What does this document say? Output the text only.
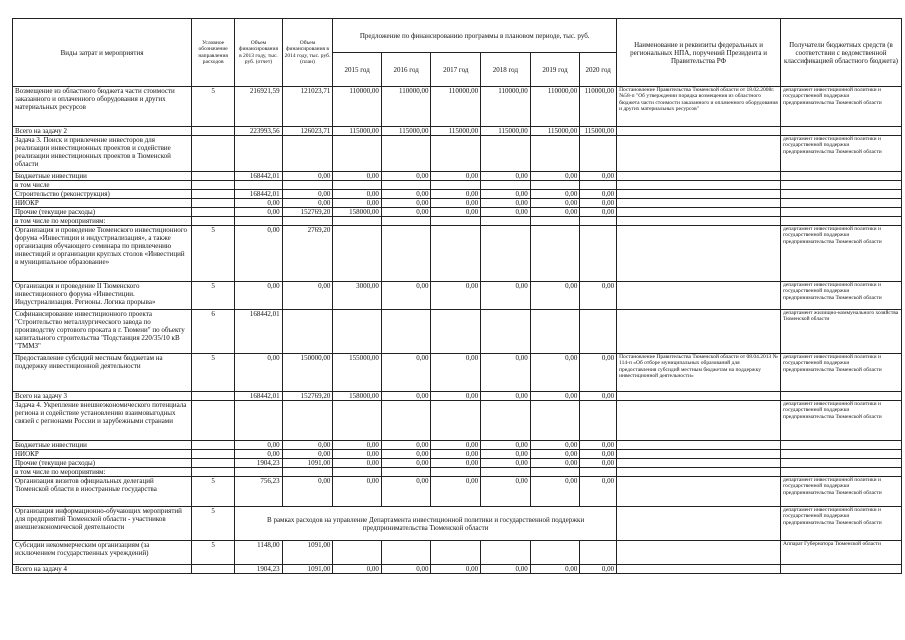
Виды затрат и мероприятия	Условное обозначение направления расходов	Объем финансирования в 2013 году, тыс. руб. (отчет)	Объем финансирования в 2014 году, тыс. руб. (план)	Предложение по финансированию программы в плановом периоде, тыс. руб.						Наименование и реквизиты федеральных и региональных НПА, поручений Президента и Правительства РФ	Получатели бюджетных средств (в соответствии с ведомственной классификацией областного бюджета)
				2015 год	2016 год	2017 год	2018 год	2019 год	2020 год		
Возмещение из областного бюджета части стоимости заказанного и оплаченного оборудования и других материальных ресурсов	5	216921,59	121023,71	110000,00	110000,00	110000,00	110000,00	110000,00	110000,00	Постановление Правительства Тюменской области от 18.02.2008г. №58-п "Об утверждении порядка возмещения из областного бюджета части стоимости заказанного и оплаченного оборудования и других материальных ресурсов"	департамент инвестиционной политики и государственной поддержки предпринимательства Тюменской области
Всего на задачу 2		223993,56	126023,71	115000,00	115000,00	115000,00	115000,00	115000,00	115000,00		
Задача 3. Поиск и привлечение инвесторов для реализации инвестиционных проектов и содействие реализации инвестиционных проектов в Тюменской области											департамент инвестиционной политики и государственной поддержки предпринимательства Тюменской области
Бюджетные инвестиции		168442,01	0,00	0,00	0,00	0,00	0,00	0,00	0,00		
в том числе											
Строительство (реконструкция)		168442,01	0,00	0,00	0,00	0,00	0,00	0,00	0,00		
НИОКР		0,00	0,00	0,00	0,00	0,00	0,00	0,00	0,00		
Прочие (текущие расходы)		0,00	152769,20	158000,00	0,00	0,00	0,00	0,00	0,00		
в том числе по мероприятиям:											
Организация и проведение Тюменского инвестиционного форума «Инвестиции и индустриализация», а также организация обучающего семинара по привлечению инвестиций и организации круглых столов «Инвестиций в муниципальное образование»	5	0,00	2769,20								департамент инвестиционной политики и государственной поддержки предпринимательства Тюменской области
Организация и проведение II Тюменского инвестиционного форума «Инвестиции. Индустриализация. Регионы. Логика прорыва»	5	0,00	0,00	3000,00	0,00	0,00	0,00	0,00	0,00		департамент инвестиционной политики и государственной поддержки предпринимательства Тюменской области
Софинансирование инвестиционного проекта "Строительство металлургического завода по производству сортового проката в г. Тюмени" по объекту капитального строительства "Подстанция 220/35/10 кВ "ТММЗ"	6	168442,01									департамент жилищно-коммунального хозяйства Тюменской области
Предоставление субсидий местным бюджетам на поддержку инвестиционной деятельности	5	0,00	150000,00	155000,00	0,00	0,00	0,00	0,00	0,00	Постановление Правительства Тюменской области от 08.04.2013 № 114-п «Об отборе муниципальных образований для предоставления субсидий местным бюджетам на поддержку инвестиционной деятельности»	департамент инвестиционной политики и государственной поддержки предпринимательства Тюменской области
Всего на задачу 3		168442,01	152769,20	158000,00	0,00	0,00	0,00	0,00	0,00		
Задача 4. Укрепление внешнеэкономического потенциала региона и содействие установлению взаимовыгодных связей с регионами России и зарубежными странами											департамент инвестиционной политики и государственной поддержки предпринимательства Тюменской области
Бюджетные инвестиции		0,00	0,00	0,00	0,00	0,00	0,00	0,00	0,00		
НИОКР		0,00	0,00	0,00	0,00	0,00	0,00	0,00	0,00		
Прочие (текущие расходы)		1904,23	1091,00	0,00	0,00	0,00	0,00	0,00	0,00		
в том числе по мероприятиям:											
Организация визитов официальных делегаций Тюменской области в иностранные государства	5	756,23	0,00	0,00	0,00	0,00	0,00	0,00	0,00		департамент инвестиционной политики и государственной поддержки предпринимательства Тюменской области
Организация информационно-обучающих мероприятий для предприятий Тюменской области - участников внешнеэкономической деятельности	5	В рамках расходов на управление Департамента инвестиционной политики и государственной поддержки предпринимательства Тюменской области									департамент инвестиционной политики и государственной поддержки предпринимательства Тюменской области
Субсидии некоммерческим организациям (за исключением государственных учреждений)	5	1148,00	1091,00								Аппарат Губернатора Тюменской области
Всего на задачу 4		1904,23	1091,00	0,00	0,00	0,00	0,00	0,00	0,00		
